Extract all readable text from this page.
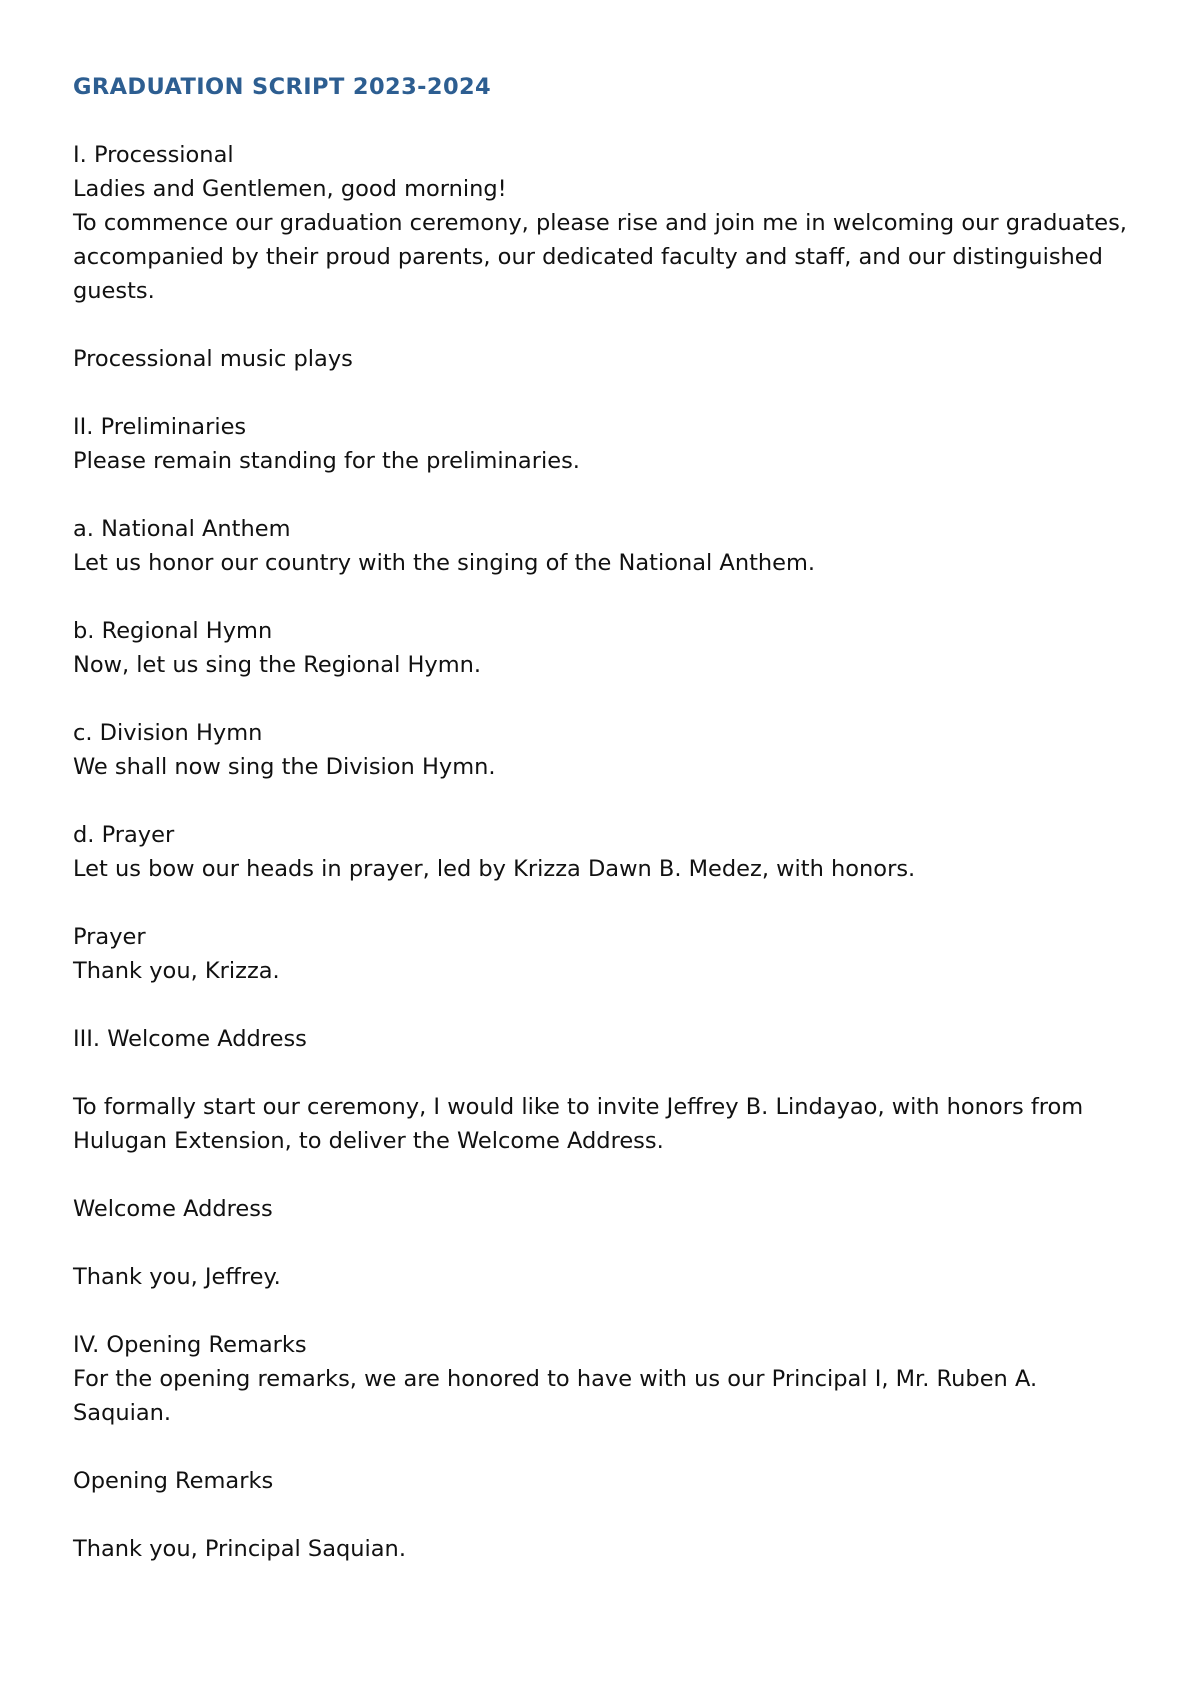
GRADUATION SCRIPT 2023-2024
I. Processional
Ladies and Gentlemen, good morning!
To commence our graduation ceremony, please rise and join me in welcoming our graduates, accompanied by their proud parents, our dedicated faculty and staff, and our distinguished guests.
Processional music plays
II. Preliminaries
Please remain standing for the preliminaries.
a. National Anthem
Let us honor our country with the singing of the National Anthem.
b. Regional Hymn
Now, let us sing the Regional Hymn.
c. Division Hymn
We shall now sing the Division Hymn.
d. Prayer
Let us bow our heads in prayer, led by Krizza Dawn B. Medez, with honors.
Prayer
Thank you, Krizza.
III. Welcome Address
To formally start our ceremony, I would like to invite Jeffrey B. Lindayao, with honors from Hulugan Extension, to deliver the Welcome Address.
Welcome Address
Thank you, Jeffrey.
IV. Opening Remarks
For the opening remarks, we are honored to have with us our Principal I, Mr. Ruben A. Saquian.
Opening Remarks
Thank you, Principal Saquian.
